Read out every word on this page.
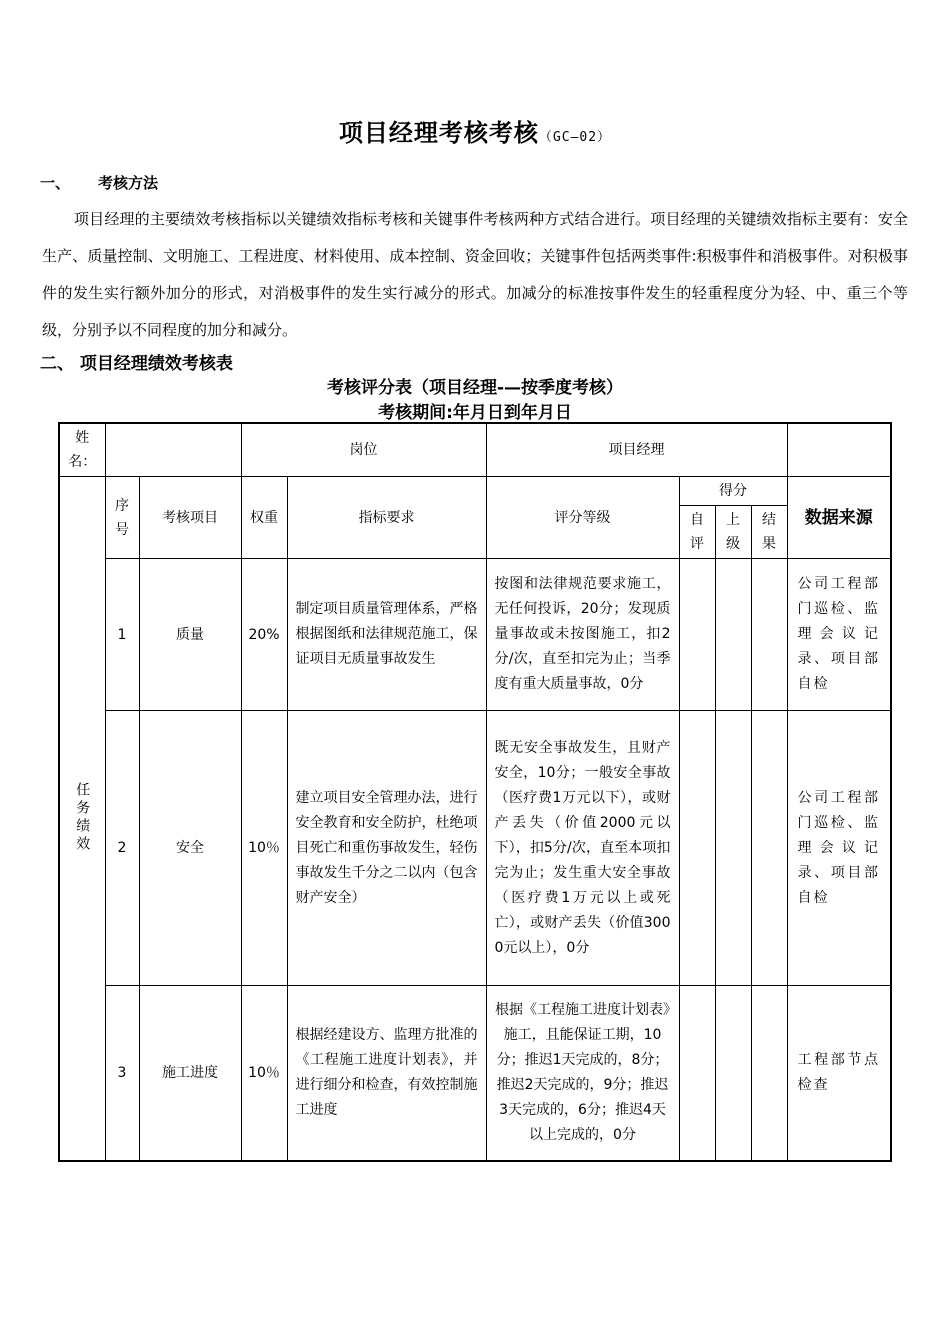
项目经理考核考核（GC—02）
一、 考核方法
项目经理的主要绩效考核指标以关键绩效指标考核和关键事件考核两种方式结合进行。项目经理的关键绩效指标主要有：安全生产、质量控制、文明施工、工程进度、材料使用、成本控制、资金回收；关键事件包括两类事件:积极事件和消极事件。对积极事件的发生实行额外加分的形式，对消极事件的发生实行减分的形式。加减分的标准按事件发生的轻重程度分为轻、中、重三个等级，分别予以不同程度的加分和减分。
二、 项目经理绩效考核表
考核评分表（项目经理-—按季度考核）
考核期间:年月日到年月日
姓名：			岗位		项目经理				

任务绩效	序号	考核项目	权重	指标要求	评分等级	得分			数据来源
						自评	上级	结果	
	1	质量	20%	制定项目质量管理体系，严格根据图纸和法律规范施工，保证项目无质量事故发生	按图和法律规范要求施工，无任何投诉，20分；发现质量事故或未按图施工，扣2分/次，直至扣完为止；当季度有重大质量事故，0分				公司工程部门巡检、监理会议记录、项目部自检
	2	安全	10％	建立项目安全管理办法，进行安全教育和安全防护，杜绝项目死亡和重伤事故发生，轻伤事故发生千分之二以内（包含财产安全）	既无安全事故发生，且财产安全，10分；一般安全事故（医疗费1万元以下），或财产丢失（价值2000元以下），扣5分/次，直至本项扣完为止；发生重大安全事故（医疗费1万元以上或死亡），或财产丢失（价值3000元以上），0分				公司工程部门巡检、监理会议记录、项目部自检
	3	施工进度	10％	根据经建设方、监理方批准的《工程施工进度计划表》，并进行细分和检查，有效控制施工进度	根据《工程施工进度计划表》施工，且能保证工期，10分；推迟1天完成的，8分；推迟2天完成的，9分；推迟3天完成的，6分；推迟4天以上完成的，0分				工程部节点检查
